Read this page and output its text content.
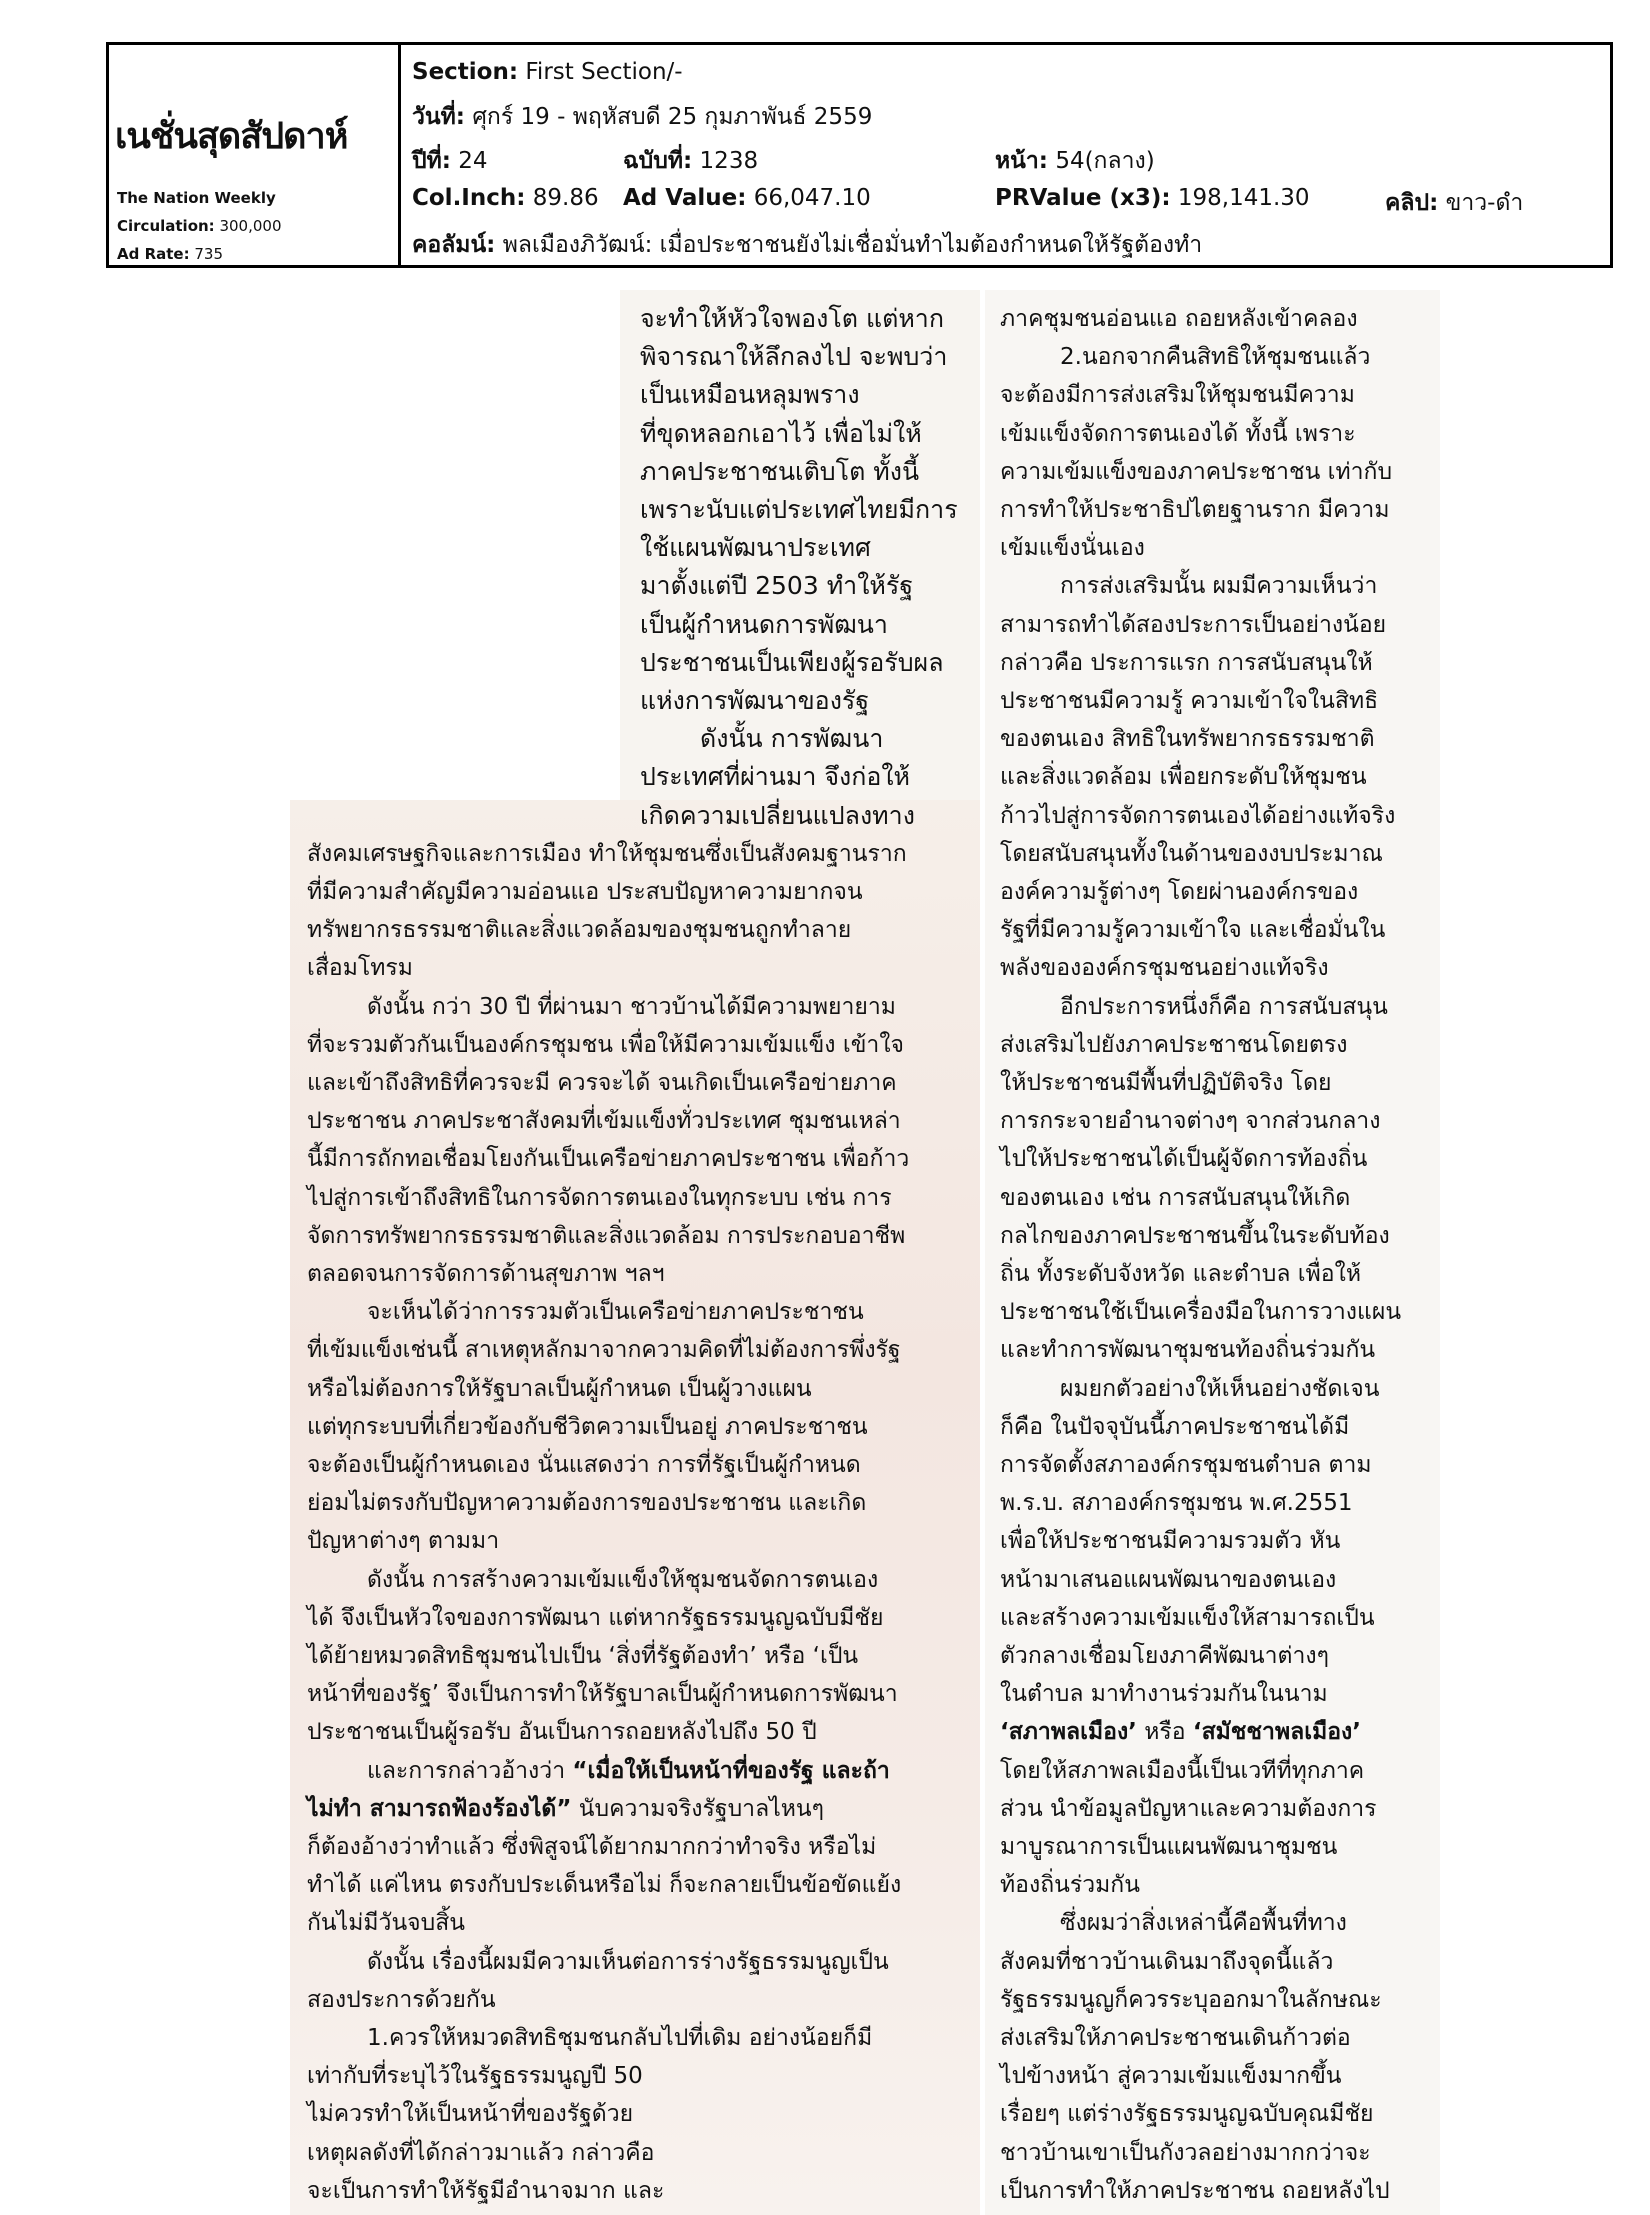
เนชั่นสุดสัปดาห์
The Nation Weekly
Circulation: 300,000
Ad Rate: 735
Section: First Section/-
วันที่: ศุกร์ 19 - พฤหัสบดี 25 กุมภาพันธ์ 2559
ปีที่: 24	ฉบับที่: 1238	หน้า: 54(กลาง)
Col.Inch: 89.86 Ad Value: 66,047.10	PRValue (x3): 198,141.30	คลิป: ขาว-ดำ
คอลัมน์: พลเมืองภิวัฒน์: เมื่อประชาชนยังไม่เชื่อมั่นทำไมต้องกำหนดให้รัฐต้องทำ
จะทำให้หัวใจพองโต แต่หาก
พิจารณาให้ลึกลงไป จะพบว่า
เป็นเหมือนหลุมพราง
ที่ขุดหลอกเอาไว้ เพื่อไม่ให้
ภาคประชาชนเติบโต ทั้งนี้
เพราะนับแต่ประเทศไทยมีการ
ใช้แผนพัฒนาประเทศ
มาตั้งแต่ปี 2503 ทำให้รัฐ
เป็นผู้กำหนดการพัฒนา
ประชาชนเป็นเพียงผู้รอรับผล
แห่งการพัฒนาของรัฐ
ดังนั้น การพัฒนา
ประเทศที่ผ่านมา จึงก่อให้
เกิดความเปลี่ยนแปลงทาง
สังคมเศรษฐกิจและการเมือง ทำให้ชุมชนซึ่งเป็นสังคมฐานราก
ที่มีความสำคัญมีความอ่อนแอ ประสบปัญหาความยากจน
ทรัพยากรธรรมชาติและสิ่งแวดล้อมของชุมชนถูกทำลาย
เสื่อมโทรม
ดังนั้น กว่า 30 ปี ที่ผ่านมา ชาวบ้านได้มีความพยายาม
ที่จะรวมตัวกันเป็นองค์กรชุมชน เพื่อให้มีความเข้มแข็ง เข้าใจ
และเข้าถึงสิทธิที่ควรจะมี ควรจะได้ จนเกิดเป็นเครือข่ายภาค
ประชาชน ภาคประชาสังคมที่เข้มแข็งทั่วประเทศ ชุมชนเหล่า
นี้มีการถักทอเชื่อมโยงกันเป็นเครือข่ายภาคประชาชน เพื่อก้าว
ไปสู่การเข้าถึงสิทธิในการจัดการตนเองในทุกระบบ เช่น การ
จัดการทรัพยากรธรรมชาติและสิ่งแวดล้อม การประกอบอาชีพ
ตลอดจนการจัดการด้านสุขภาพ ฯลฯ
จะเห็นได้ว่าการรวมตัวเป็นเครือข่ายภาคประชาชน
ที่เข้มแข็งเช่นนี้ สาเหตุหลักมาจากความคิดที่ไม่ต้องการพึ่งรัฐ
หรือไม่ต้องการให้รัฐบาลเป็นผู้กำหนด เป็นผู้วางแผน
แต่ทุกระบบที่เกี่ยวข้องกับชีวิตความเป็นอยู่ ภาคประชาชน
จะต้องเป็นผู้กำหนดเอง นั่นแสดงว่า การที่รัฐเป็นผู้กำหนด
ย่อมไม่ตรงกับปัญหาความต้องการของประชาชน และเกิด
ปัญหาต่างๆ ตามมา
ดังนั้น การสร้างความเข้มแข็งให้ชุมชนจัดการตนเอง
ได้ จึงเป็นหัวใจของการพัฒนา แต่หากรัฐธรรมนูญฉบับมีชัย
ได้ย้ายหมวดสิทธิชุมชนไปเป็น ‘สิ่งที่รัฐต้องทำ’ หรือ ‘เป็น
หน้าที่ของรัฐ’ จึงเป็นการทำให้รัฐบาลเป็นผู้กำหนดการพัฒนา
ประชาชนเป็นผู้รอรับ อันเป็นการถอยหลังไปถึง 50 ปี
และการกล่าวอ้างว่า “เมื่อให้เป็นหน้าที่ของรัฐ และถ้า
ไม่ทำ สามารถฟ้องร้องได้” นับความจริงรัฐบาลไหนๆ
ก็ต้องอ้างว่าทำแล้ว ซึ่งพิสูจน์ได้ยากมากกว่าทำจริง หรือไม่
ทำได้ แค่ไหน ตรงกับประเด็นหรือไม่ ก็จะกลายเป็นข้อขัดแย้ง
กันไม่มีวันจบสิ้น
ดังนั้น เรื่องนี้ผมมีความเห็นต่อการร่างรัฐธรรมนูญเป็น
สองประการด้วยกัน
1.ควรให้หมวดสิทธิชุมชนกลับไปที่เดิม อย่างน้อยก็มี
เท่ากับที่ระบุไว้ในรัฐธรรมนูญปี 50
ไม่ควรทำให้เป็นหน้าที่ของรัฐด้วย
เหตุผลดังที่ได้กล่าวมาแล้ว กล่าวคือ
จะเป็นการทำให้รัฐมีอำนาจมาก และ
ภาคชุมชนอ่อนแอ ถอยหลังเข้าคลอง
2.นอกจากคืนสิทธิให้ชุมชนแล้ว
จะต้องมีการส่งเสริมให้ชุมชนมีความ
เข้มแข็งจัดการตนเองได้ ทั้งนี้ เพราะ
ความเข้มแข็งของภาคประชาชน เท่ากับ
การทำให้ประชาธิปไตยฐานราก มีความ
เข้มแข็งนั่นเอง
การส่งเสริมนั้น ผมมีความเห็นว่า
สามารถทำได้สองประการเป็นอย่างน้อย
กล่าวคือ ประการแรก การสนับสนุนให้
ประชาชนมีความรู้ ความเข้าใจในสิทธิ
ของตนเอง สิทธิในทรัพยากรธรรมชาติ
และสิ่งแวดล้อม เพื่อยกระดับให้ชุมชน
ก้าวไปสู่การจัดการตนเองได้อย่างแท้จริง
โดยสนับสนุนทั้งในด้านของงบประมาณ
องค์ความรู้ต่างๆ โดยผ่านองค์กรของ
รัฐที่มีความรู้ความเข้าใจ และเชื่อมั่นใน
พลังขององค์กรชุมชนอย่างแท้จริง
อีกประการหนึ่งก็คือ การสนับสนุน
ส่งเสริมไปยังภาคประชาชนโดยตรง
ให้ประชาชนมีพื้นที่ปฏิบัติจริง โดย
การกระจายอำนาจต่างๆ จากส่วนกลาง
ไปให้ประชาชนได้เป็นผู้จัดการท้องถิ่น
ของตนเอง เช่น การสนับสนุนให้เกิด
กลไกของภาคประชาชนขึ้นในระดับท้อง
ถิ่น ทั้งระดับจังหวัด และตำบล เพื่อให้
ประชาชนใช้เป็นเครื่องมือในการวางแผน
และทำการพัฒนาชุมชนท้องถิ่นร่วมกัน
ผมยกตัวอย่างให้เห็นอย่างชัดเจน
ก็คือ ในปัจจุบันนี้ภาคประชาชนได้มี
การจัดตั้งสภาองค์กรชุมชนตำบล ตาม
พ.ร.บ. สภาองค์กรชุมชน พ.ศ.2551
เพื่อให้ประชาชนมีความรวมตัว หัน
หน้ามาเสนอแผนพัฒนาของตนเอง
และสร้างความเข้มแข็งให้สามารถเป็น
ตัวกลางเชื่อมโยงภาคีพัฒนาต่างๆ
ในตำบล มาทำงานร่วมกันในนาม
‘สภาพลเมือง’ หรือ ‘สมัชชาพลเมือง’
โดยให้สภาพลเมืองนี้เป็นเวทีที่ทุกภาค
ส่วน นำข้อมูลปัญหาและความต้องการ
มาบูรณาการเป็นแผนพัฒนาชุมชน
ท้องถิ่นร่วมกัน
ซึ่งผมว่าสิ่งเหล่านี้คือพื้นที่ทาง
สังคมที่ชาวบ้านเดินมาถึงจุดนี้แล้ว
รัฐธรรมนูญก็ควรระบุออกมาในลักษณะ
ส่งเสริมให้ภาคประชาชนเดินก้าวต่อ
ไปข้างหน้า สู่ความเข้มแข็งมากขึ้น
เรื่อยๆ แต่ร่างรัฐธรรมนูญฉบับคุณมีชัย
ชาวบ้านเขาเป็นกังวลอย่างมากกว่าจะ
เป็นการทำให้ภาคประชาชน ถอยหลังไป
